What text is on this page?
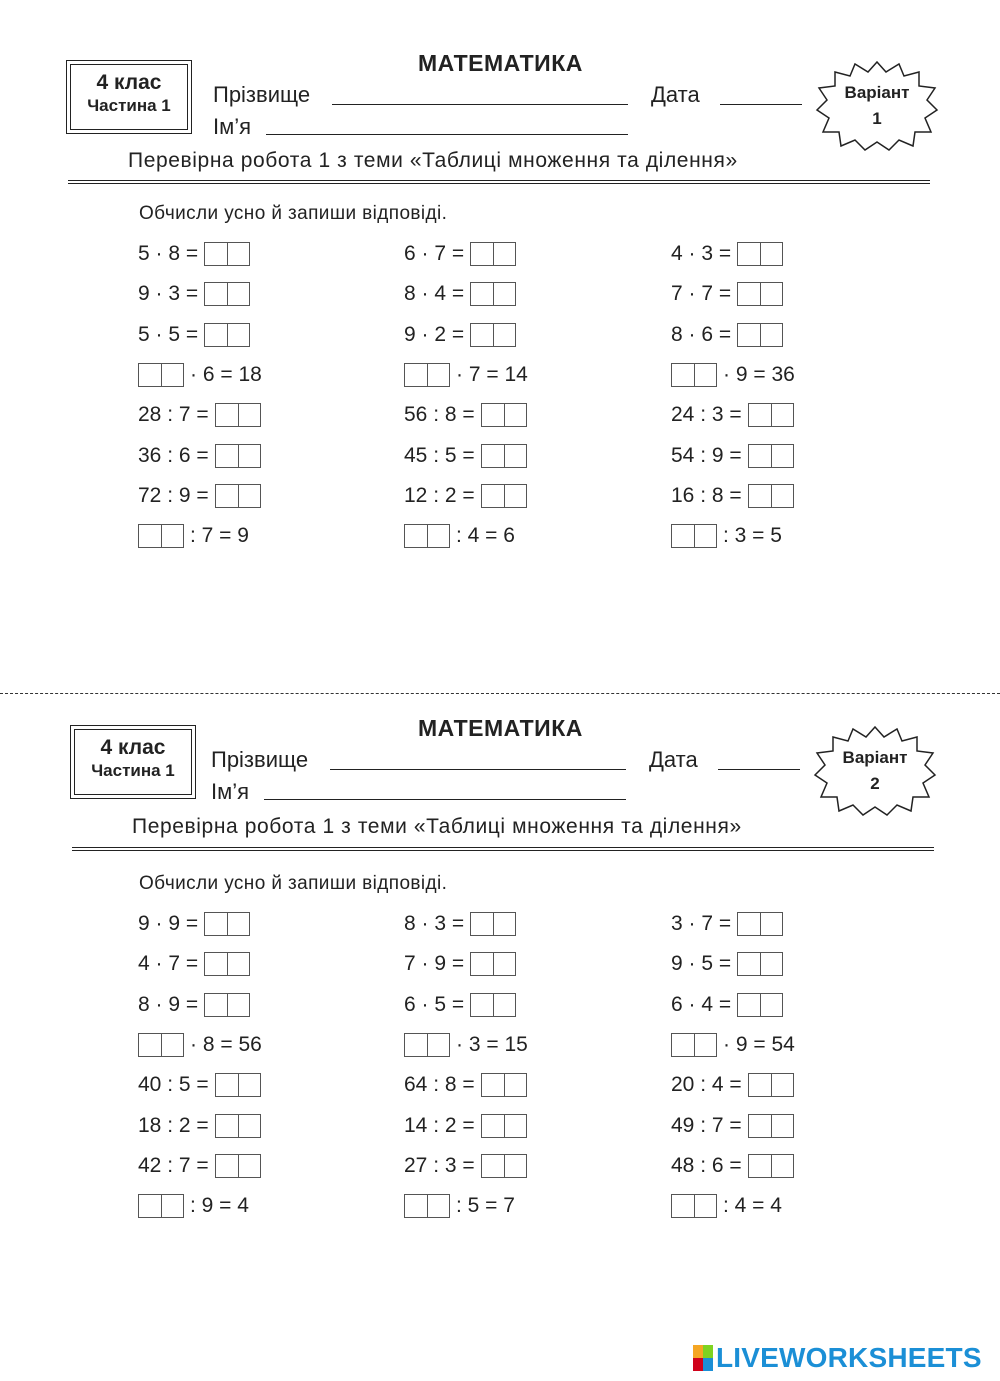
4 клас
Частина 1
МАТЕМАТИКА
Прізвище
Ім’я
Дата	Варіант
1
Перевірна робота 1 з теми «Таблиці множення та ділення»
Обчисли усно й запиши відповіді.
5 · 8 =
9 · 3 =
5 · 5 =
· 6 = 18
28 : 7 =
36 : 6 =
72 : 9 =
: 7 = 9
6 · 7 =
8 · 4 =
9 · 2 =
· 7 = 14
56 : 8 =
45 : 5 =
12 : 2 =
: 4 = 6
4 · 3 =
7 · 7 =
8 · 6 =
· 9 = 36
24 : 3 =
54 : 9 =
16 : 8 =
: 3 = 5
4 клас
Частина 1
МАТЕМАТИКА
Прізвище
Ім’я
Дата	Варіант
2
Перевірна робота 1 з теми «Таблиці множення та ділення»
Обчисли усно й запиши відповіді.
9 · 9 =
4 · 7 =
8 · 9 =
· 8 = 56
40 : 5 =
18 : 2 =
42 : 7 =
: 9 = 4
8 · 3 =
7 · 9 =
6 · 5 =
· 3 = 15
64 : 8 =
14 : 2 =
27 : 3 =
: 5 = 7
3 · 7 =
9 · 5 =
6 · 4 =
· 9 = 54
20 : 4 =
49 : 7 =
48 : 6 =
: 4 = 4
LIVEWORKSHEETS
